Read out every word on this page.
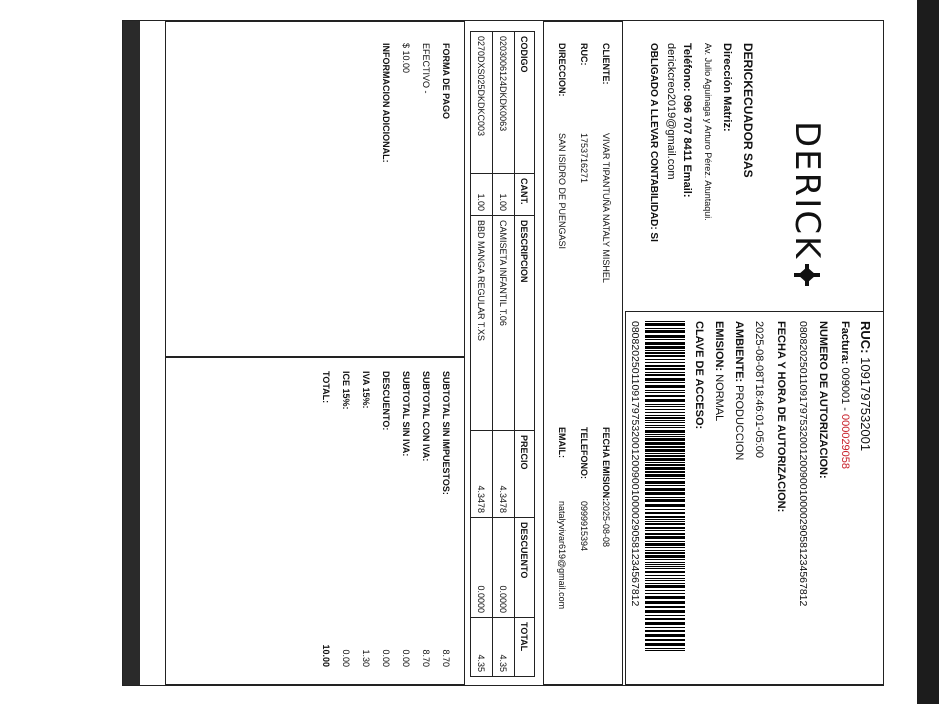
DERICK
DERICKECUADOR SAS
Dirección Matriz:
Av. Julio Aguinaga y Arturo Pérez. Atuntaqui.
Teléfono: 096 707 8411 Email:
derickcreo2019@gmail.com
OBLIGADO A LLEVAR CONTABILIDAD: SI
RUC: 1091797532001
Factura: 009001 - 000029058
NUMERO DE AUTORIZACION:
0808202501109179753200120090010000290581234567812
FECHA Y HORA DE AUTORIZACION:
2025-08-08T18:46:01-05:00
AMBIENTE: PRODUCCION
EMISION: NORMAL
CLAVE DE ACCESO:
0808202501109179753200120090010000290581234567812
CLIENTE:
VIVAR TIPANTUÑA NATALY MISHEL
RUC:
1753716271
DIRECCION:
SAN ISIDRO DE PUENGASI
FECHA EMISION:
2025-08-08
TELEFONO:
0999915394
EMAIL:
natalyvivar619@gmail.com
CODIGO	CANT.	DESCRIPCION	PRECIO	DESCUENTO	TOTAL
0203006124DKDK0063	1.00	CAMISETA INFANTIL T.06	4.3478	0.0000	4.35
0270DXS025DKDKC003	1.00	BBD MANGA REGULAR T.XS	4.3478	0.0000	4.35
FORMA DE PAGO
EFECTIVO -
$ 10.00
INFORMACION ADICIONAL:
SUBTOTAL SIN IMPUESTOS:
8.70
SUBTOTAL CON IVA:
8.70
SUBTOTAL SIN IVA:
0.00
DESCUENTO:
0.00
IVA 15%:
1.30
ICE 15%:
0.00
TOTAL:
10.00
